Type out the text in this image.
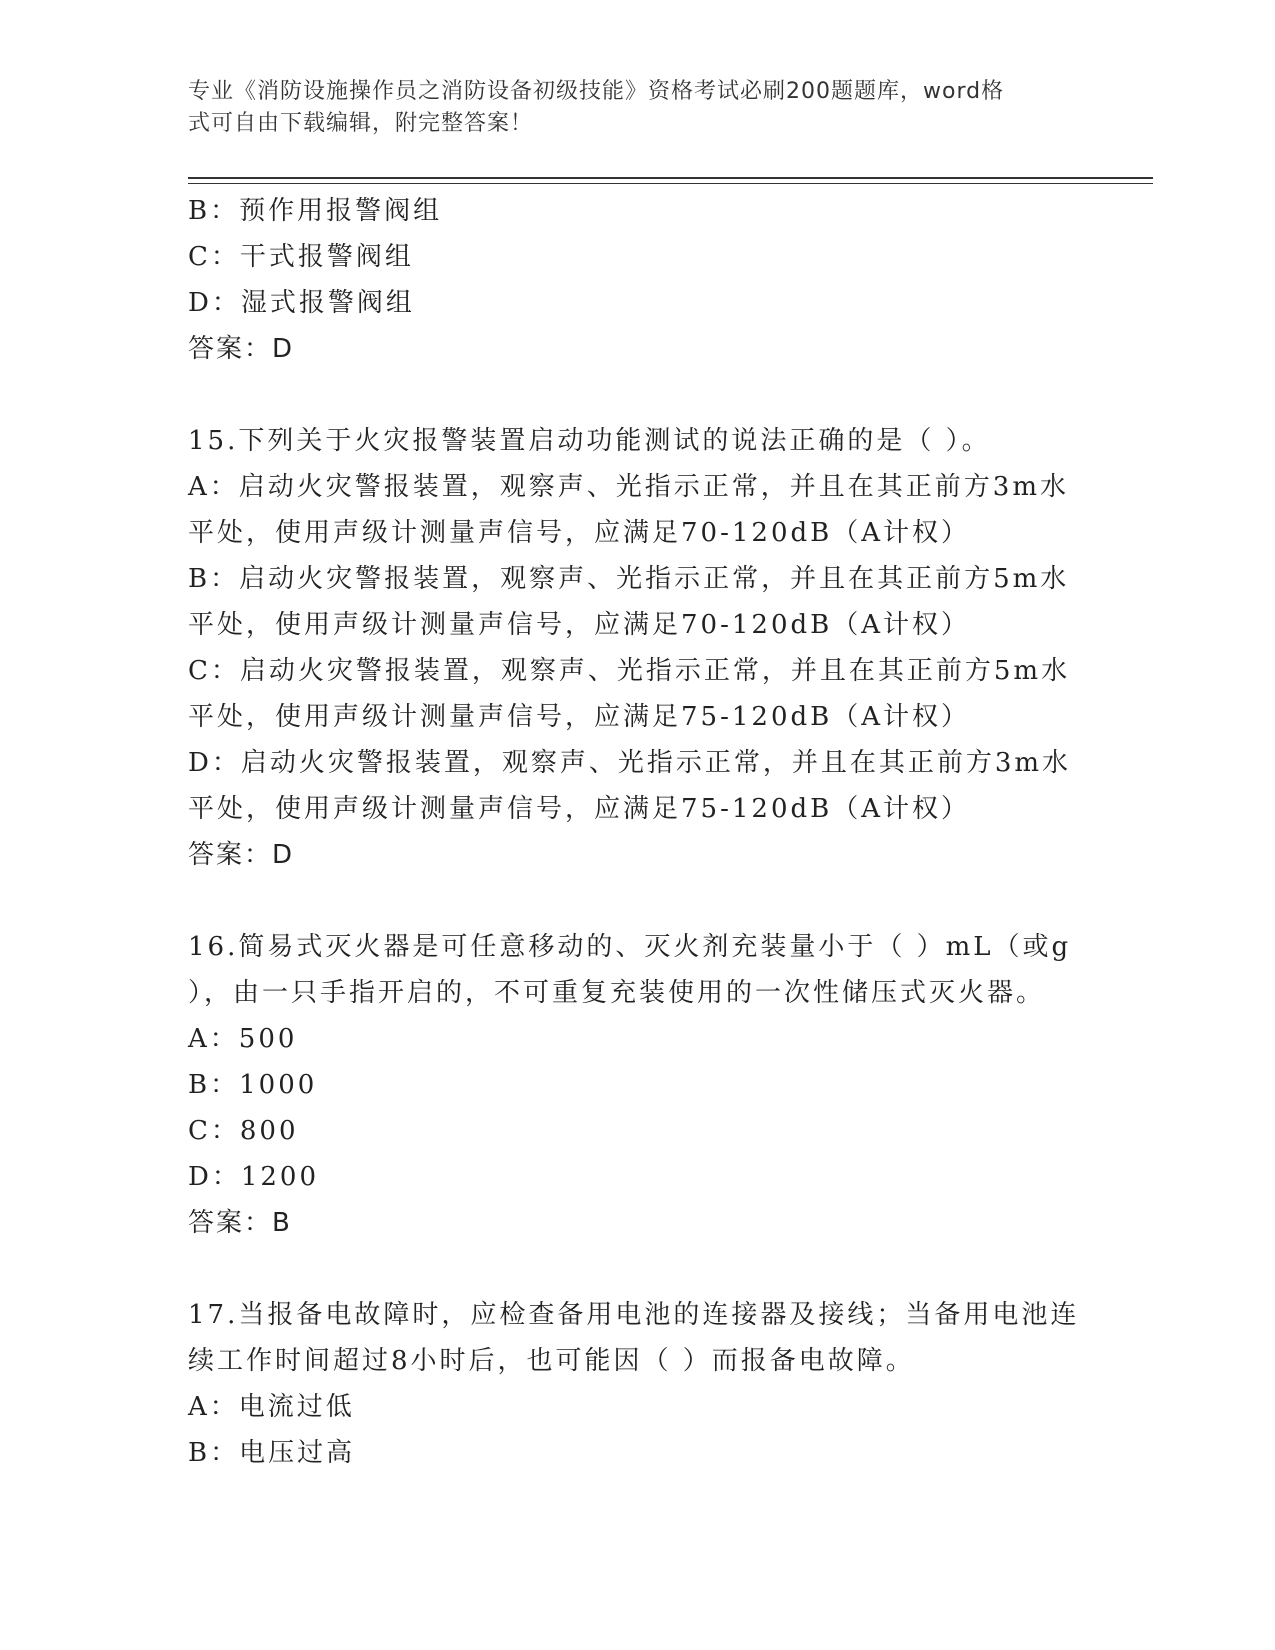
专业《消防设施操作员之消防设备初级技能》资格考试必刷200题题库，word格
式可自由下载编辑，附完整答案！
B：预作用报警阀组
C：干式报警阀组
D：湿式报警阀组
答案：D
15.下列关于火灾报警装置启动功能测试的说法正确的是（ ）。
A：启动火灾警报装置，观察声、光指示正常，并且在其正前方3m水
平处，使用声级计测量声信号，应满足70-120dB（A计权）
B：启动火灾警报装置，观察声、光指示正常，并且在其正前方5m水
平处，使用声级计测量声信号，应满足70-120dB（A计权）
C：启动火灾警报装置，观察声、光指示正常，并且在其正前方5m水
平处，使用声级计测量声信号，应满足75-120dB（A计权）
D：启动火灾警报装置，观察声、光指示正常，并且在其正前方3m水
平处，使用声级计测量声信号，应满足75-120dB（A计权）
答案：D
16.简易式灭火器是可任意移动的、灭火剂充装量小于（ ）mL（或g
），由一只手指开启的，不可重复充装使用的一次性储压式灭火器。
A：500
B：1000
C：800
D：1200
答案：B
17.当报备电故障时，应检查备用电池的连接器及接线；当备用电池连
续工作时间超过8小时后，也可能因（ ）而报备电故障。
A：电流过低
B：电压过高
